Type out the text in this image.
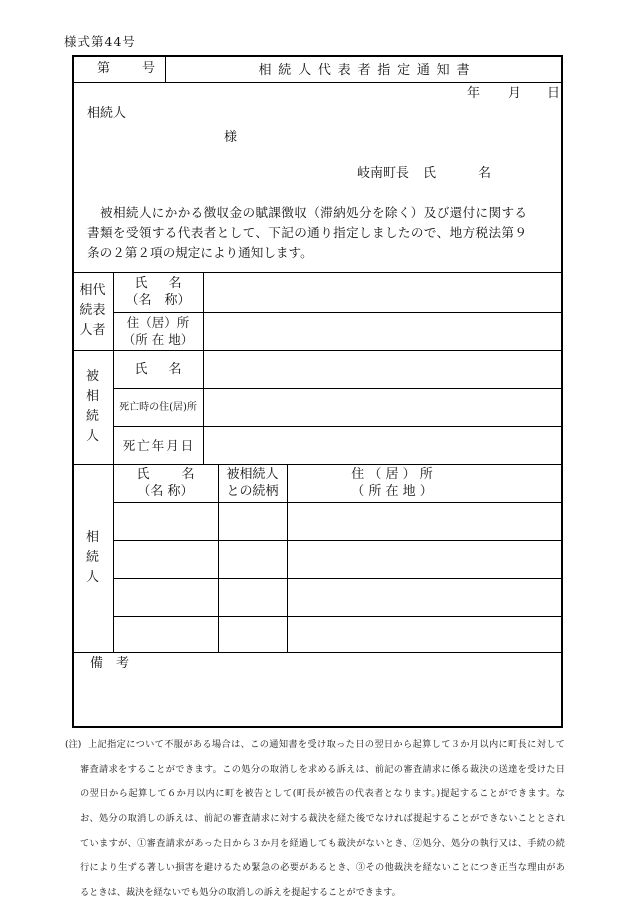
様式第44号
第 号	相続人代表者指定通知書
年 月 日
相続人
様
岐南町長 氏	名
被相続人にかかる徴収金の賦課徴収（滞納処分を除く）及び還付に関する
書類を受領する代表者として、下記の通り指定しましたので、地方税法第９
条の２第２項の規定により通知します。
相代
続表
人者
氏　名
（名　称）
住（居）所
（所 在 地）
被
相
続
人
氏　名
死亡時の住(居)所
死亡年月日
相
続
人
氏　　名
（名 称）
被相続人
との続柄
住 （ 居 ） 所
（ 所 在 地 ）
備　考
(注) 上記指定について不服がある場合は、この通知書を受け取った日の翌日から起算して３か月以内に町長に対して
審査請求をすることができます。この処分の取消しを求める訴えは、前記の審査請求に係る裁決の送達を受けた日
の翌日から起算して６か月以内に町を被告として(町長が被告の代表者となります。)提起することができます。な
お、処分の取消しの訴えは、前記の審査請求に対する裁決を経た後でなければ提起することができないこととされ
ていますが、①審査請求があった日から３か月を経過しても裁決がないとき、②処分、処分の執行又は、手続の続
行により生ずる著しい損害を避けるため緊急の必要があるとき、③その他裁決を経ないことにつき正当な理由があ
るときは、裁決を経ないでも処分の取消しの訴えを提起することができます。
